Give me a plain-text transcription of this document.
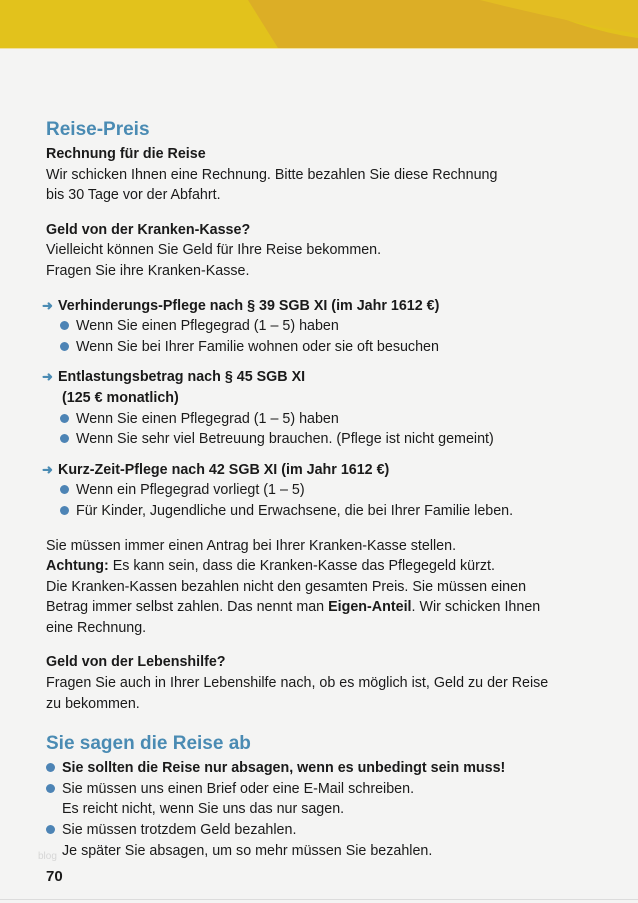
Reise-Preis

Rechnung für die Reise

Wir schicken Ihnen eine Rechnung. Bitte bezahlen Sie diese Rechnung

bis 30 Tage vor der Abfahrt.

Geld von der Kranken-Kasse?

Vielleicht können Sie Geld für Ihre Reise bekommen.

Fragen Sie ihre Kranken-Kasse.

➜ Verhinderungs-Pflege nach § 39 SGB XI (im Jahr 1612 €)
Wenn Sie einen Pflegegrad (1 – 5) haben
Wenn Sie bei Ihrer Familie wohnen oder sie oft besuchen
➜ Entlastungsbetrag nach § 45 SGB XI
(125 € monatlich)
Wenn Sie einen Pflegegrad (1 – 5) haben
Wenn Sie sehr viel Betreuung brauchen. (Pflege ist nicht gemeint)
➜ Kurz-Zeit-Pflege nach 42 SGB XI (im Jahr 1612 €)
Wenn ein Pflegegrad vorliegt (1 – 5)
Für Kinder, Jugendliche und Erwachsene, die bei Ihrer Familie leben.

Sie müssen immer einen Antrag bei Ihrer Kranken-Kasse stellen.

Achtung: Es kann sein, dass die Kranken-Kasse das Pflegegeld kürzt.

Die Kranken-Kassen bezahlen nicht den gesamten Preis. Sie müssen einen

Betrag immer selbst zahlen. Das nennt man Eigen-Anteil. Wir schicken Ihnen

eine Rechnung.

Geld von der Lebenshilfe?

Fragen Sie auch in Ihrer Lebenshilfe nach, ob es möglich ist, Geld zu der Reise

zu bekommen.

Sie sagen die Reise ab
Sie sollten die Reise nur absagen, wenn es unbedingt sein muss!
Sie müssen uns einen Brief oder eine E-Mail schreiben.
Es reicht nicht, wenn Sie uns das nur sagen.
Sie müssen trotzdem Geld bezahlen.
Je später Sie absagen, um so mehr müssen Sie bezahlen.
blog
70
